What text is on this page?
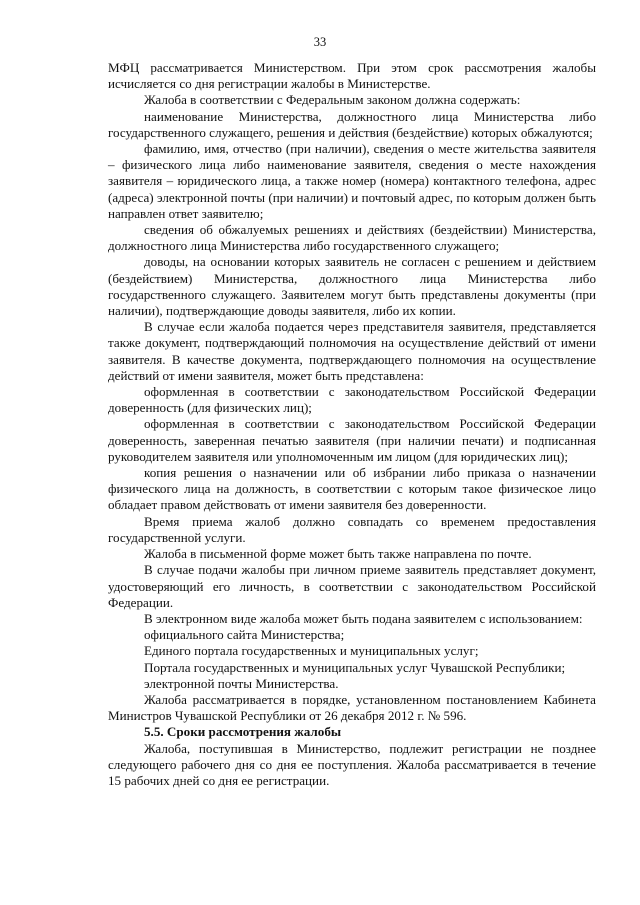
33

МФЦ рассматривается Министерством. При этом срок рассмотрения жалобы исчисляется со дня регистрации жалобы в Министерстве.

Жалоба в соответствии с Федеральным законом должна содержать:

наименование Министерства, должностного лица Министерства либо государственного служащего, решения и действия (бездействие) которых обжалуются;

фамилию, имя, отчество (при наличии), сведения о месте жительства заявителя – физического лица либо наименование заявителя, сведения о месте нахождения заявителя – юридического лица, а также номер (номера) контактного телефона, адрес (адреса) электронной почты (при наличии) и почтовый адрес, по которым должен быть направлен ответ заявителю;

сведения об обжалуемых решениях и действиях (бездействии) Министерства, должностного лица Министерства либо государственного служащего;

доводы, на основании которых заявитель не согласен с решением и действием (бездействием) Министерства, должностного лица Министерства либо государственного служащего. Заявителем могут быть представлены документы (при наличии), подтверждающие доводы заявителя, либо их копии.

В случае если жалоба подается через представителя заявителя, представляется также документ, подтверждающий полномочия на осуществление действий от имени заявителя. В качестве документа, подтверждающего полномочия на осуществление действий от имени заявителя, может быть представлена:

оформленная в соответствии с законодательством Российской Федерации доверенность (для физических лиц);

оформленная в соответствии с законодательством Российской Федерации доверенность, заверенная печатью заявителя (при наличии печати) и подписанная руководителем заявителя или уполномоченным им лицом (для юридических лиц);

копия решения о назначении или об избрании либо приказа о назначении физического лица на должность, в соответствии с которым такое физическое лицо обладает правом действовать от имени заявителя без доверенности.

Время приема жалоб должно совпадать со временем предоставления государственной услуги.

Жалоба в письменной форме может быть также направлена по почте.

В случае подачи жалобы при личном приеме заявитель представляет документ, удостоверяющий его личность, в соответствии с законодательством Российской Федерации.

В электронном виде жалоба может быть подана заявителем с использованием:

официального сайта Министерства;

Единого портала государственных и муниципальных услуг;

Портала государственных и муниципальных услуг Чувашской Республики;

электронной почты Министерства.

Жалоба рассматривается в порядке, установленном постановлением Кабинета Министров Чувашской Республики от 26 декабря 2012 г. № 596.

5.5. Сроки рассмотрения жалобы

Жалоба, поступившая в Министерство, подлежит регистрации не позднее следующего рабочего дня со дня ее поступления. Жалоба рассматривается в течение 15 рабочих дней со дня ее регистрации.
